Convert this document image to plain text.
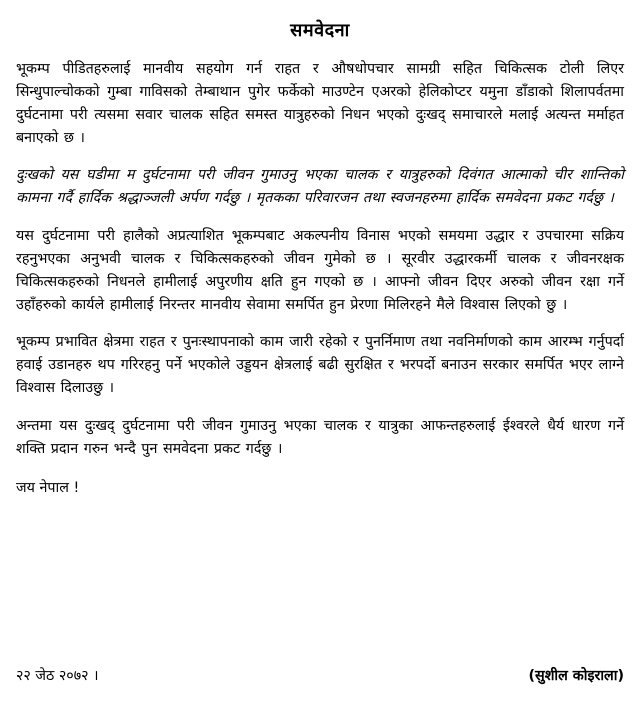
समवेदना

भूकम्प पीडितहरुलाई मानवीय सहयोग गर्न राहत र औषधोपचार सामग्री सहित चिकित्सक टोली लिएर सिन्धुपाल्चोकको गुम्बा गाविसको तेम्बाथान पुगेर फर्केको माउण्टेन एअरको हेलिकोप्टर यमुना डाँडाको शिलापर्वतमा दुर्घटनामा परी त्यसमा सवार चालक सहित समस्त यात्रुहरुको निधन भएको दुःखद् समाचारले मलाई अत्यन्त मर्माहत बनाएको छ ।

दुःखको यस घडीमा म दुर्घटनामा परी जीवन गुमाउनु भएका चालक र यात्रुहरुको दिवंगत आत्माको चीर शान्तिको कामना गर्दै हार्दिक श्रद्धाञ्जली अर्पण गर्दछु । मृतकका परिवारजन तथा स्वजनहरुमा हार्दिक समवेदना प्रकट गर्दछु ।

यस दुर्घटनामा परी हालैको अप्रत्याशित भूकम्पबाट अकल्पनीय विनास भएको समयमा उद्धार र उपचारमा सक्रिय रहनुभएका अनुभवी चालक र चिकित्सकहरुको जीवन गुमेको छ । सूरवीर उद्धारकर्मी चालक र जीवनरक्षक चिकित्सकहरुको निधनले हामीलाई अपुरणीय क्षति हुन गएको छ । आफ्नो जीवन दिएर अरुको जीवन रक्षा गर्ने उहाँहरुको कार्यले हामीलाई निरन्तर मानवीय सेवामा समर्पित हुन प्रेरणा मिलिरहने मैले विश्वास लिएको छु ।

भूकम्प प्रभावित क्षेत्रमा राहत र पुनःस्थापनाको काम जारी रहेको र पुनर्निमाण तथा नवनिर्माणको काम आरम्भ गर्नुपर्दा हवाई उडानहरु थप गरिरहनु पर्ने भएकोले उड्डयन क्षेत्रलाई बढी सुरक्षित र भरपर्दो बनाउन सरकार समर्पित भएर लाग्ने विश्वास दिलाउछु ।

अन्तमा यस दुःखद् दुर्घटनामा परी जीवन गुमाउनु भएका चालक र यात्रुका आफन्तहरुलाई ईश्वरले धैर्य धारण गर्ने शक्ति प्रदान गरुन भन्दै पुन समवेदना प्रकट गर्दछु ।

जय नेपाल !

२२ जेठ २०७२ ।	(सुशील कोइराला)
